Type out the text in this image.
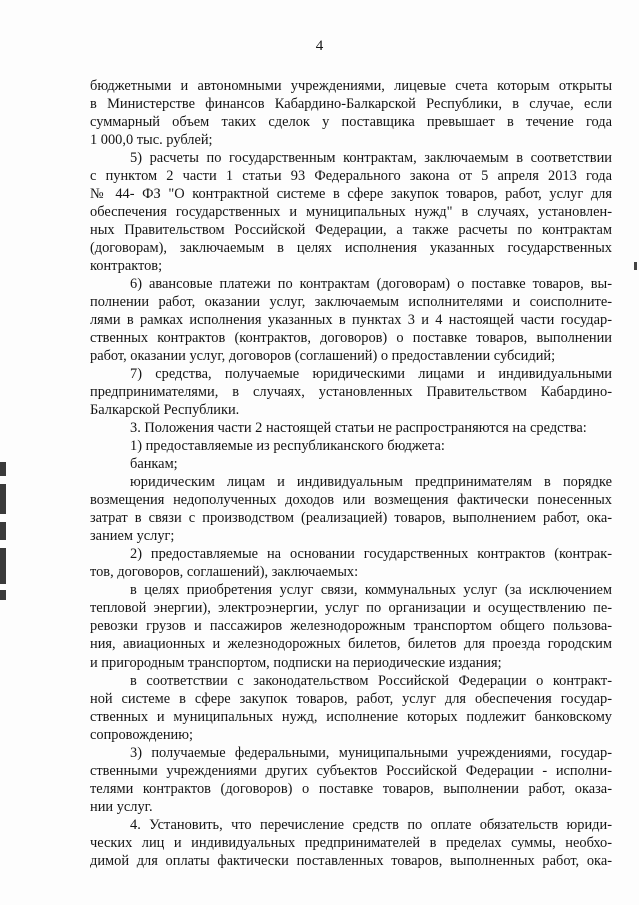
4

бюджетными и автономными учреждениями, лицевые счета которым открыты

в Министерстве финансов Кабардино-Балкарской Республики, в случае, если

суммарный объем таких сделок у поставщика превышает в течение года

1 000,0 тыс. рублей;

5) расчеты по государственным контрактам, заключаемым в соответствии

с пунктом 2 части 1 статьи 93 Федерального закона от 5 апреля 2013 года

№ 44- ФЗ "О контрактной системе в сфере закупок товаров, работ, услуг для

обеспечения государственных и муниципальных нужд" в случаях, установлен-

ных Правительством Российской Федерации, а также расчеты по контрактам

(договорам), заключаемым в целях исполнения указанных государственных

контрактов;

6) авансовые платежи по контрактам (договорам) о поставке товаров, вы-

полнении работ, оказании услуг, заключаемым исполнителями и соисполните-

лями в рамках исполнения указанных в пунктах 3 и 4 настоящей части государ-

ственных контрактов (контрактов, договоров) о поставке товаров, выполнении

работ, оказании услуг, договоров (соглашений) о предоставлении субсидий;

7) средства, получаемые юридическими лицами и индивидуальными

предпринимателями, в случаях, установленных Правительством Кабардино-

Балкарской Республики.

3. Положения части 2 настоящей статьи не распространяются на средства:

1) предоставляемые из республиканского бюджета:

банкам;

юридическим лицам и индивидуальным предпринимателям в порядке

возмещения недополученных доходов или возмещения фактически понесенных

затрат в связи с производством (реализацией) товаров, выполнением работ, ока-

занием услуг;

2) предоставляемые на основании государственных контрактов (контрак-

тов, договоров, соглашений), заключаемых:

в целях приобретения услуг связи, коммунальных услуг (за исключением

тепловой энергии), электроэнергии, услуг по организации и осуществлению пе-

ревозки грузов и пассажиров железнодорожным транспортом общего пользова-

ния, авиационных и железнодорожных билетов, билетов для проезда городским

и пригородным транспортом, подписки на периодические издания;

в соответствии с законодательством Российской Федерации о контракт-

ной системе в сфере закупок товаров, работ, услуг для обеспечения государ-

ственных и муниципальных нужд, исполнение которых подлежит банковскому

сопровождению;

3) получаемые федеральными, муниципальными учреждениями, государ-

ственными учреждениями других субъектов Российской Федерации - исполни-

телями контрактов (договоров) о поставке товаров, выполнении работ, оказа-

нии услуг.

4. Установить, что перечисление средств по оплате обязательств юриди-

ческих лиц и индивидуальных предпринимателей в пределах суммы, необхо-

димой для оплаты фактически поставленных товаров, выполненных работ, ока-
